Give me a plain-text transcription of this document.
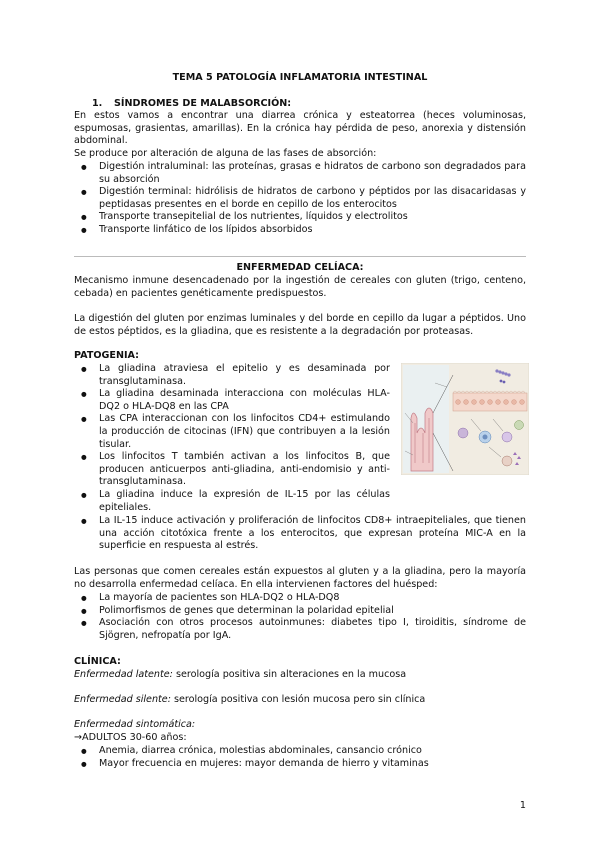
TEMA 5 PATOLOGÍA INFLAMATORIA INTESTINAL
1. SÍNDROMES DE MALABSORCIÓN:
En estos vamos a encontrar una diarrea crónica y esteatorrea (heces voluminosas, espumosas, grasientas, amarillas). En la crónica hay pérdida de peso, anorexia y distensión abdominal.
Se produce por alteración de alguna de las fases de absorción:
● Digestión intraluminal: las proteínas, grasas e hidratos de carbono son degradados para su absorción
● Digestión terminal: hidrólisis de hidratos de carbono y péptidos por las disacaridasas y peptidasas presentes en el borde en cepillo de los enterocitos
● Transporte transepitelial de los nutrientes, líquidos y electrolitos
● Transporte linfático de los lípidos absorbidos
ENFERMEDAD CELÍACA:
Mecanismo inmune desencadenado por la ingestión de cereales con gluten (trigo, centeno, cebada) en pacientes genéticamente predispuestos.
La digestión del gluten por enzimas luminales y del borde en cepillo da lugar a péptidos. Uno de estos péptidos, es la gliadina, que es resistente a la degradación por proteasas.
PATOGENIA:
● La gliadina atraviesa el epitelio y es desaminada por transglutaminasa.
● La gliadina desaminada interacciona con moléculas HLA-DQ2 o HLA-DQ8 en las CPA
● Las CPA interaccionan con los linfocitos CD4+ estimulando la producción de citocinas (IFN) que contribuyen a la lesión tisular.
● Los linfocitos T también activan a los linfocitos B, que producen anticuerpos anti-gliadina, anti-endomisio y anti-transglutaminasa.
● La gliadina induce la expresión de IL-15 por las células epiteliales.
● La IL-15 induce activación y proliferación de linfocitos CD8+ intraepiteliales, que tienen una acción citotóxica frente a los enterocitos, que expresan proteína MIC-A en la superficie en respuesta al estrés.
Las personas que comen cereales están expuestos al gluten y a la gliadina, pero la mayoría no desarrolla enfermedad celíaca. En ella intervienen factores del huésped:
● La mayoría de pacientes son HLA-DQ2 o HLA-DQ8
● Polimorfismos de genes que determinan la polaridad epitelial
● Asociación con otros procesos autoinmunes: diabetes tipo I, tiroiditis, síndrome de Sjögren, nefropatía por IgA.
CLÍNICA:
Enfermedad latente: serología positiva sin alteraciones en la mucosa
Enfermedad silente: serología positiva con lesión mucosa pero sin clínica
Enfermedad sintomática:
→ADULTOS 30-60 años:
● Anemia, diarrea crónica, molestias abdominales, cansancio crónico
● Mayor frecuencia en mujeres: mayor demanda de hierro y vitaminas
1
